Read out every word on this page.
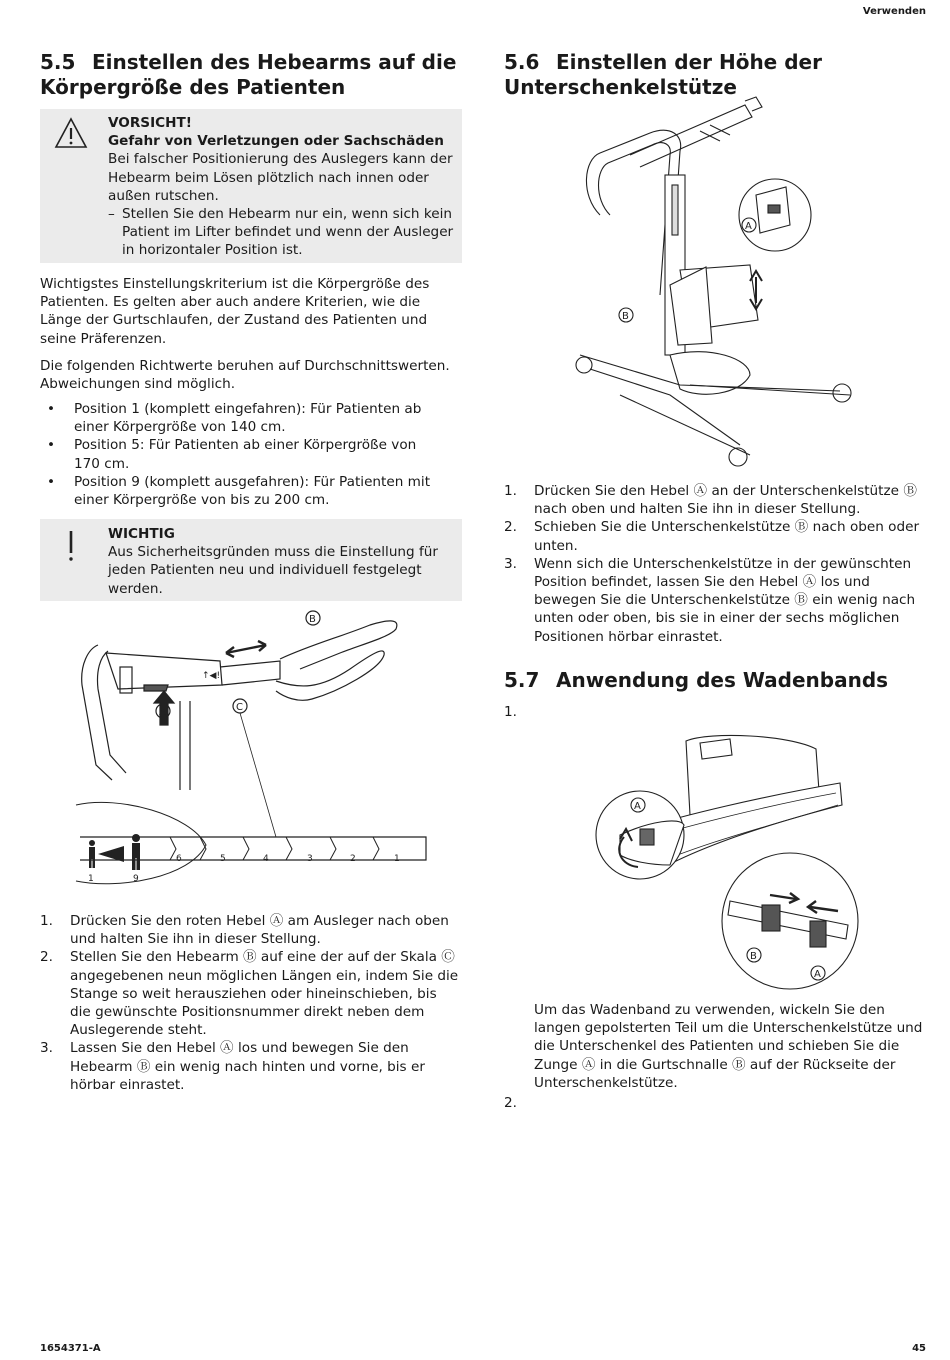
Verwenden
1654371-A	45
5.5 Einstellen des Hebearms auf die Körpergröße des Patienten
VORSICHT!
Gefahr von Verletzungen oder Sachschäden
Bei falscher Positionierung des Auslegers kann der Hebearm beim Lösen plötzlich nach innen oder außen rutschen.
– Stellen Sie den Hebearm nur ein, wenn sich kein Patient im Lifter befindet und wenn der Ausleger in horizontaler Position ist.

Wichtigstes Einstellungskriterium ist die Körpergröße des Patienten. Es gelten aber auch andere Kriterien, wie die Länge der Gurtschlaufen, der Zustand des Patienten und seine Präferenzen.

Die folgenden Richtwerte beruhen auf Durchschnittswerten. Abweichungen sind möglich.

• Position 1 (komplett eingefahren): Für Patienten ab einer Körpergröße von 140 cm.
• Position 5: Für Patienten ab einer Körpergröße von 170 cm.
• Position 9 (komplett ausgefahren): Für Patienten mit einer Körpergröße von bis zu 200 cm.
WICHTIG
Aus Sicherheitsgründen muss die Einstellung für jeden Patienten neu und individuell festgelegt werden.
↑◀!
A	C
B
6	5	4	3	2	1
1	9
1. Drücken Sie den roten Hebel Ⓐ am Ausleger nach oben und halten Sie ihn in dieser Stellung.
2. Stellen Sie den Hebearm Ⓑ auf eine der auf der Skala Ⓒ angegebenen neun möglichen Längen ein, indem Sie die Stange so weit herausziehen oder hineinschieben, bis die gewünschte Positionsnummer direkt neben dem Auslegerende steht.
3. Lassen Sie den Hebel Ⓐ los und bewegen Sie den Hebearm Ⓑ ein wenig nach hinten und vorne, bis er hörbar einrastet.
5.6 Einstellen der Höhe der Unterschenkelstütze
A
B
1. Drücken Sie den Hebel Ⓐ an der Unterschenkelstütze Ⓑ nach oben und halten Sie ihn in dieser Stellung.
2. Schieben Sie die Unterschenkelstütze Ⓑ nach oben oder unten.
3. Wenn sich die Unterschenkelstütze in der gewünschten Position befindet, lassen Sie den Hebel Ⓐ los und bewegen Sie die Unterschenkelstütze Ⓑ ein wenig nach unten oder oben, bis sie in einer der sechs möglichen Positionen hörbar einrastet.
5.7 Anwendung des Wadenbands
1.
A
B
A

Um das Wadenband zu verwenden, wickeln Sie den langen gepolsterten Teil um die Unterschenkelstütze und die Unterschenkel des Patienten und schieben Sie die Zunge Ⓐ in die Gurtschnalle Ⓑ auf der Rückseite der Unterschenkelstütze.

2.
